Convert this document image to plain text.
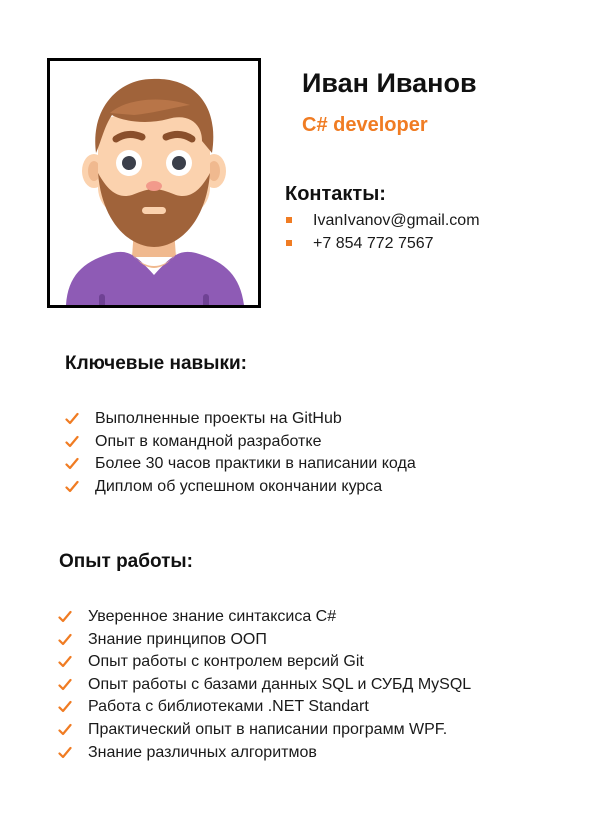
Иван Иванов
C# developer
Контакты:
IvanIvanov@gmail.com
+7 854 772 7567
Ключевые навыки:
Выполненные проекты на GitHub
Опыт в командной разработке
Более 30 часов практики в написании кода
Диплом об успешном окончании курса
Опыт работы:
Уверенное знание синтаксиса C#
Знание принципов ООП
Опыт работы с контролем версий Git
Опыт работы с базами данных SQL и СУБД MySQL
Работа с библиотеками .NET Standart
Практический опыт в написании программ WPF.
Знание различных алгоритмов
